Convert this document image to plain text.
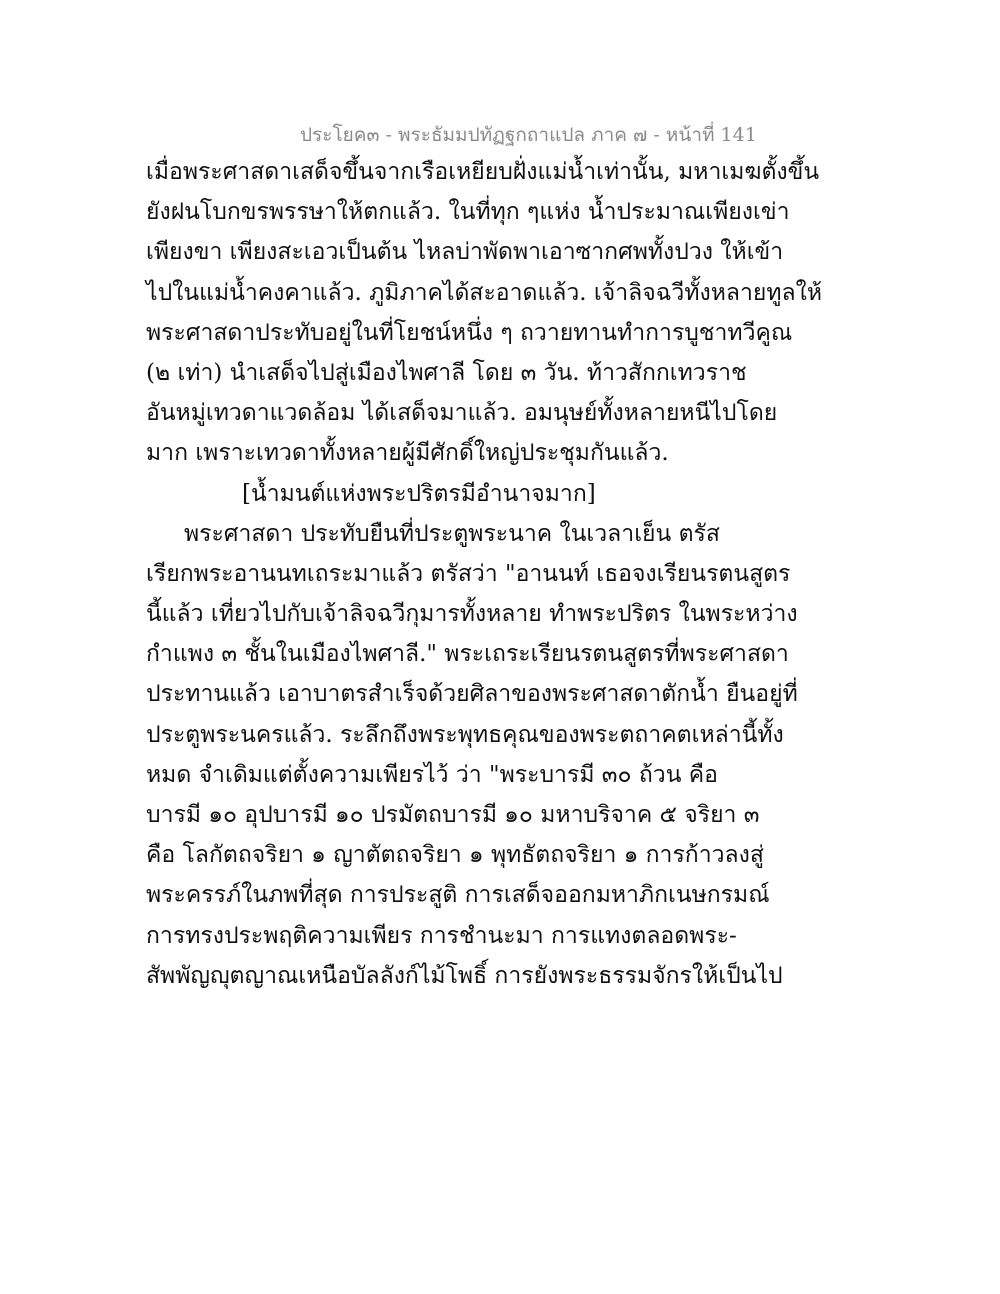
ประโยค๓ - พระธัมมปทัฏฐกถาแปล ภาค ๗ - หน้าที่ 141
เมื่อพระศาสดาเสด็จขึ้นจากเรือเหยียบฝั่งแม่น้ำเท่านั้น, มหาเมฆตั้งขึ้น
ยังฝนโบกขรพรรษาให้ตกแล้ว. ในที่ทุก ๆแห่ง น้ำประมาณเพียงเข่า
เพียงขา เพียงสะเอวเป็นต้น ไหลบ่าพัดพาเอาซากศพทั้งปวง ให้เข้า
ไปในแม่น้ำคงคาแล้ว. ภูมิภาคได้สะอาดแล้ว. เจ้าลิจฉวีทั้งหลายทูลให้
พระศาสดาประทับอยู่ในที่โยชน์หนึ่ง ๆ ถวายทานทำการบูชาทวีคูณ
(๒ เท่า) นำเสด็จไปสู่เมืองไพศาลี โดย ๓ วัน. ท้าวสักกเทวราช
อันหมู่เทวดาแวดล้อม ได้เสด็จมาแล้ว. อมนุษย์ทั้งหลายหนีไปโดย
มาก เพราะเทวดาทั้งหลายผู้มีศักดิ์ใหญ่ประชุมกันแล้ว.
[น้ำมนต์แห่งพระปริตรมีอำนาจมาก]
พระศาสดา ประทับยืนที่ประตูพระนาค ในเวลาเย็น ตรัส
เรียกพระอานนทเถระมาแล้ว ตรัสว่า "อานนท์ เธอจงเรียนรตนสูตร
นี้แล้ว เที่ยวไปกับเจ้าลิจฉวีกุมารทั้งหลาย ทำพระปริตร ในพระหว่าง
กำแพง ๓ ชั้นในเมืองไพศาลี." พระเถระเรียนรตนสูตรที่พระศาสดา
ประทานแล้ว เอาบาตรสำเร็จด้วยศิลาของพระศาสดาตักน้ำ ยืนอยู่ที่
ประตูพระนครแล้ว. ระลึกถึงพระพุทธคุณของพระตถาคตเหล่านี้ทั้ง
หมด จำเดิมแต่ตั้งความเพียรไว้ ว่า "พระบารมี ๓๐ ถ้วน คือ
บารมี ๑๐ อุปบารมี ๑๐ ปรมัตถบารมี ๑๐ มหาบริจาค ๕ จริยา ๓
คือ โลกัตถจริยา ๑ ญาตัตถจริยา ๑ พุทธัตถจริยา ๑ การก้าวลงสู่
พระครรภ์ในภพที่สุด การประสูติ การเสด็จออกมหาภิกเนษกรมณ์
การทรงประพฤติความเพียร การชำนะมา การแทงตลอดพระ-
สัพพัญญุตญาณเหนือบัลลังก์ไม้โพธิ์ การยังพระธรรมจักรให้เป็นไป
